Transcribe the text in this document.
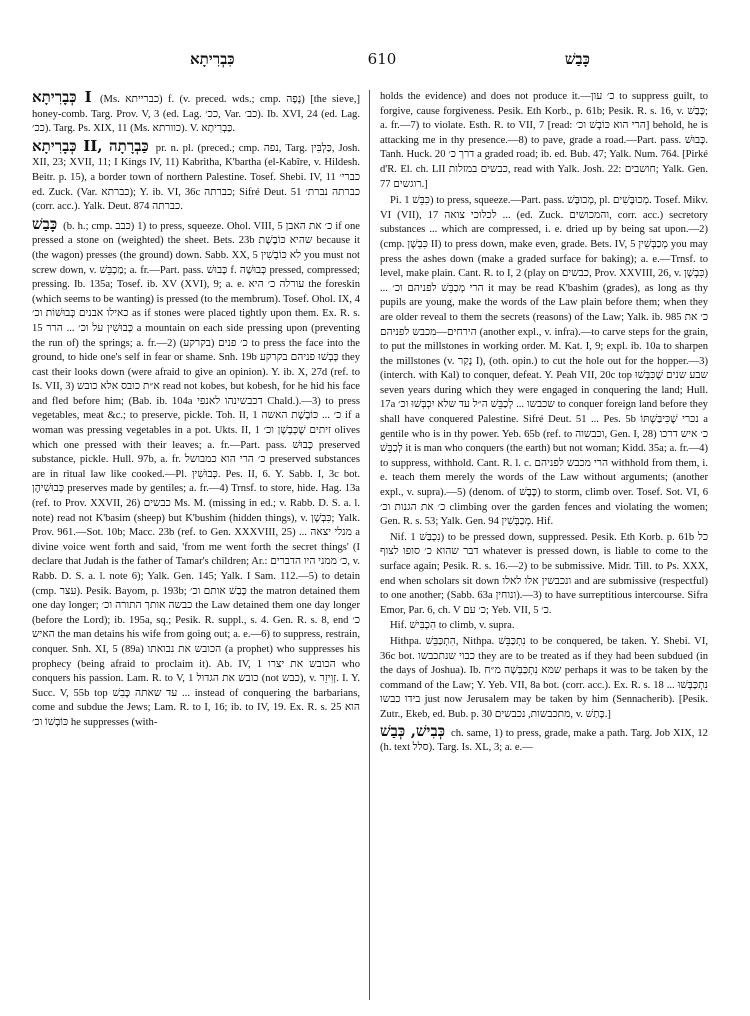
כִּבְרִיתָא	610	כָּבַשׁ

כְּבָרִיתָא I (Ms. כברייתא) f. (v. preced. wds.; cmp. נָפָה) [the sieve,] honey-comb. Targ. Prov. V, 3 (ed. Lag. ככ׳, Var. כב׳). Ib. XVI, 24 (ed. Lag. ככ׳). Targ. Ps. XIX, 11 (Ms. כוורתא). V. כַּבְרִיתָא.

כְּבָרִיתָא II, כַּבְרָתָה pr. n. pl. (preced.; cmp. נפה, Targ. כַּלְבִּין, Josh. XII, 23; XVII, 11; I Kings IV, 11) Kabritha, K'bartha (el-Kabîre, v. Hildesh. Beitr. p. 15), a border town of northern Palestine. Tosef. Shebi. IV, 11 כברי׳ ed. Zuck. (Var. כברתא); Y. ib. VI, 36c כברתה; Sifré Deut. 51 כברתה נברת׳ (corr. acc.). Yalk. Deut. 874 כברתה.

כָּבַשׁ (b. h.; cmp. כבב) 1) to press, squeeze. Ohol. VIII, 5 כ׳ את האבן if one pressed a stone on (weighted) the sheet. Bets. 23b שהיא כּוֹבֶשֶׁת because it (the wagon) presses (the ground) down. Sabb. XX, 5 לא כּוֹבְשִׁין you must not screw down, v. מַכְבֵּשׁ; a. fr.—Part. pass. כָּבוּשׁ f. כְּבוּשָׁה pressed, compressed; pressing. Ib. 135a; Tosef. ib. XV (XVI), 9; a. e. עורלה כ׳ היא the foreskin (which seems to be wanting) is pressed (to the membrum). Tosef. Ohol. IX, 4 כאילו אבנים כְּבוּשׁוֹת וכ׳ as if stones were placed tightly upon them. Ex. R. s. 15 כְּבוּשִׁין על וכ׳ ... הרר a mountain on each side pressing upon (preventing the run of) the springs; a. fr.—2) כ׳ פנים (בקרקע) to press the face into the ground, to hide one's self in fear or shame. Snh. 19b כָּבְשׁוּ פניהם בקרקע they cast their looks down (were afraid to give an opinion). Y. ib. X, 27d (ref. to Is. VII, 3) א״ת כובס אלא כובש read not kobes, but kobesh, for he hid his face and fled before him; (Bab. ib. 104a דכבשינהו לאנפי Chald.).—3) to press vegetables, meat &c.; to preserve, pickle. Toh. II, 1 כ׳ ... כּוֹבֶשֶׁת האשה if a woman was pressing vegetables in a pot. Ukts. II, 1 זיתים שֶׁכְּבָשָׁן וכ׳ olives which one pressed with their leaves; a. fr.—Part. pass. כָּבוּשׁ preserved substance, pickle. Hull. 97b, a. fr. כ׳ הרי הוא כמבושל preserved substances are in ritual law like cooked.—Pl. כְּבוּשִׁין. Pes. II, 6. Y. Sabb. I, 3c bot. כְּבוּשִׁיהֶן preserves made by gentiles; a. fr.—4) Trnsf. to store, hide. Hag. 13a (ref. to Prov. XXVII, 26) כבשים Ms. M. (missing in ed.; v. Rabb. D. S. a. l. note) read not K'basim (sheep) but K'bushim (hidden things), v. כִּבְשָׁן; Yalk. Prov. 961.—Sot. 10b; Macc. 23b (ref. to Gen. XXXVIII, 25) ... מנלי יצאה a divine voice went forth and said, 'from me went forth the secret things' (I declare that Judah is the father of Tamar's children; Ar.: כ׳ ממני היו הדברים, v. Rabb. D. S. a. l. note 6); Yalk. Gen. 145; Yalk. I Sam. 112.—5) to detain (cmp. עצר). Pesik. Bayom, p. 193b; כָּבַשׁ אותם וכ׳ the matron detained them one day longer; כבשה אותך התורה וכ׳ the Law detained them one day longer (before the Lord); ib. 195a, sq.; Pesik. R. suppl., s. 4. Gen. R. s. 8, end כ׳ האיש the man detains his wife from going out; a. e.—6) to suppress, restrain, conquer. Snh. XI, 5 (89a) הכובש את נבואתו (a prophet) who suppresses his prophecy (being afraid to proclaim it). Ab. IV, 1 הכובש את יצרו who conquers his passion. Lam. R. to V, 1 כובש את הגדול (not כבש), v. זְוִיזֵר. I. Y. Succ. V, 55b top עד שאתה כָּבִשׁ ... instead of conquering the barbarians, come and subdue the Jews; Lam. R. to I, 16; ib. to IV, 19. Ex. R. s. 25 הוא כּוֹבְשׁוֹ וכ׳ he suppresses (with-

holds the evidence) and does not produce it.—כ׳ עון to suppress guilt, to forgive, cause forgiveness. Pesik. Eth Korb., p. 61b; Pesik. R. s. 16, v. כָּבַשׁ; a. fr.—7) to violate. Esth. R. to VII, 7 [read: הרי הוא כּוֹבְשׁ וכ׳] behold, he is attacking me in thy presence.—8) to pave, grade a road.—Part. pass. כָּבוּשׁ. Tanh. Huck. 20 דרך כ׳ a graded road; ib. ed. Bub. 47; Yalk. Num. 764. [Pirké d'R. El. ch. LII כבשים במזלות, read with Yalk. Josh. 22: חושבים; Yalk. Gen. 77 רוגשים.]

Pi. כִּבֵּשׁ 1) to press, squeeze.—Part. pass. מְכוּבָּשׁ, pl. מְכוּבָּשִׁים. Tosef. Mikv. VI (VII), 17 לכלוכי צואה ... (ed. Zuck. והמכושים, corr. acc.) secretory substances ... which are compressed, i. e. dried up by being sat upon.—2) (cmp. כִּבְשָׁן II) to press down, make even, grade. Bets. IV, 5 מְכַבְּשִׁין you may press the ashes down (make a graded surface for baking); a. e.—Trnsf. to level, make plain. Cant. R. to I, 2 (play on כבשים, Prov. XXVIII, 26, v. כִּבְשָׁן) ... הרי מְכַבֵּשׁ לפניהם וכ׳ it may be read K'bashim (grades), as long as thy pupils are young, make the words of the Law plain before them; when they are older reveal to them the secrets (reasons) of the Law; Yalk. ib. 985 כ׳ את הירחים—מכבש לפניהם (another expl., v. infra).—to carve steps for the grain, to put the millstones in working order. M. Kat. I, 9; expl. ib. 10a to sharpen the millstones (v. נָקַר I), (oth. opin.) to cut the hole out for the hopper.—3) (interch. with Kal) to conquer, defeat. Y. Peah VII, 20c top שבע שנים שֶׁכִּבְּשׁוּ seven years during which they were engaged in conquering the land; Hull. 17a שכבשו ... לְכַבֵּשׁ ה״ל עד שלא יִכְבְּשׁוּ וכ׳ to conquer foreign land before they shall have conquered Palestine. Sifré Deut. 51 ... Pes. 5b נכרי שֶׁכִּיבַּשְׁתּוֹ a gentile who is in thy power. Yeb. 65b (ref. to וכבשוה, Gen. I, 28) כ׳ איש דרכו לְכַבֵּשׁ it is man who conquers (the earth) but not woman; Kidd. 35a; a. fr.—4) to suppress, withhold. Cant. R. l. c. הרי מכבש לפניהם withhold from them, i. e. teach them merely the words of the Law without arguments; (another expl., v. supra).—5) (denom. of כֶּבֶשׁ) to storm, climb over. Tosef. Sot. VI, 6 כ׳ את הגנות וכ׳ climbing over the garden fences and violating the women; Gen. R. s. 53; Yalk. Gen. 94 מְכַבְּשִׁין. Hif.

Nif. נִכְבַּשׁ 1) to be pressed down, suppressed. Pesik. Eth Korb. p. 61b כל דבר שהוא כ׳ סופו לצוף whatever is pressed down, is liable to come to the surface again; Pesik. R. s. 16.—2) to be submissive. Midr. Till. to Ps. XXX, end when scholars sit down ונכבשין אלו לאלו and are submissive (respectful) to one another; (Sabb. 63a ונוחין).—3) to have surreptitious intercourse. Sifra Emor, Par. 6, ch. V כ׳ עם; Yeb. VII, 5 כ׳.

Hif. הִכְבִּישׁ to climb, v. supra.

Hithpa. הִתְכַּבֵּשׁ, Nithpa. נִתְכַּבֵּשׁ to be conquered, be taken. Y. Shebi. VI, 36c bot. כבוי שנתכבשו they are to be treated as if they had been subdued (in the days of Joshua). Ib. שמא נִתְכַּבְּשָׁה מ״ח perhaps it was to be taken by the command of the Law; Y. Yeb. VII, 8a bot. (corr. acc.). Ex. R. s. 18 ... נִתְכַּבְּשׁוּ בידו כבשו just now Jerusalem may be taken by him (Sennacherib). [Pesik. Zutr., Ekeb, ed. Bub. p. 30 מתכבשות, נכבשים, v. כָּתַשׁ.]

כְּבִישׁ, כְּבַשׁ ch. same, 1) to press, grade, make a path. Targ. Job XIX, 12 (h. text סלל). Targ. Is. XL, 3; a. e.—
